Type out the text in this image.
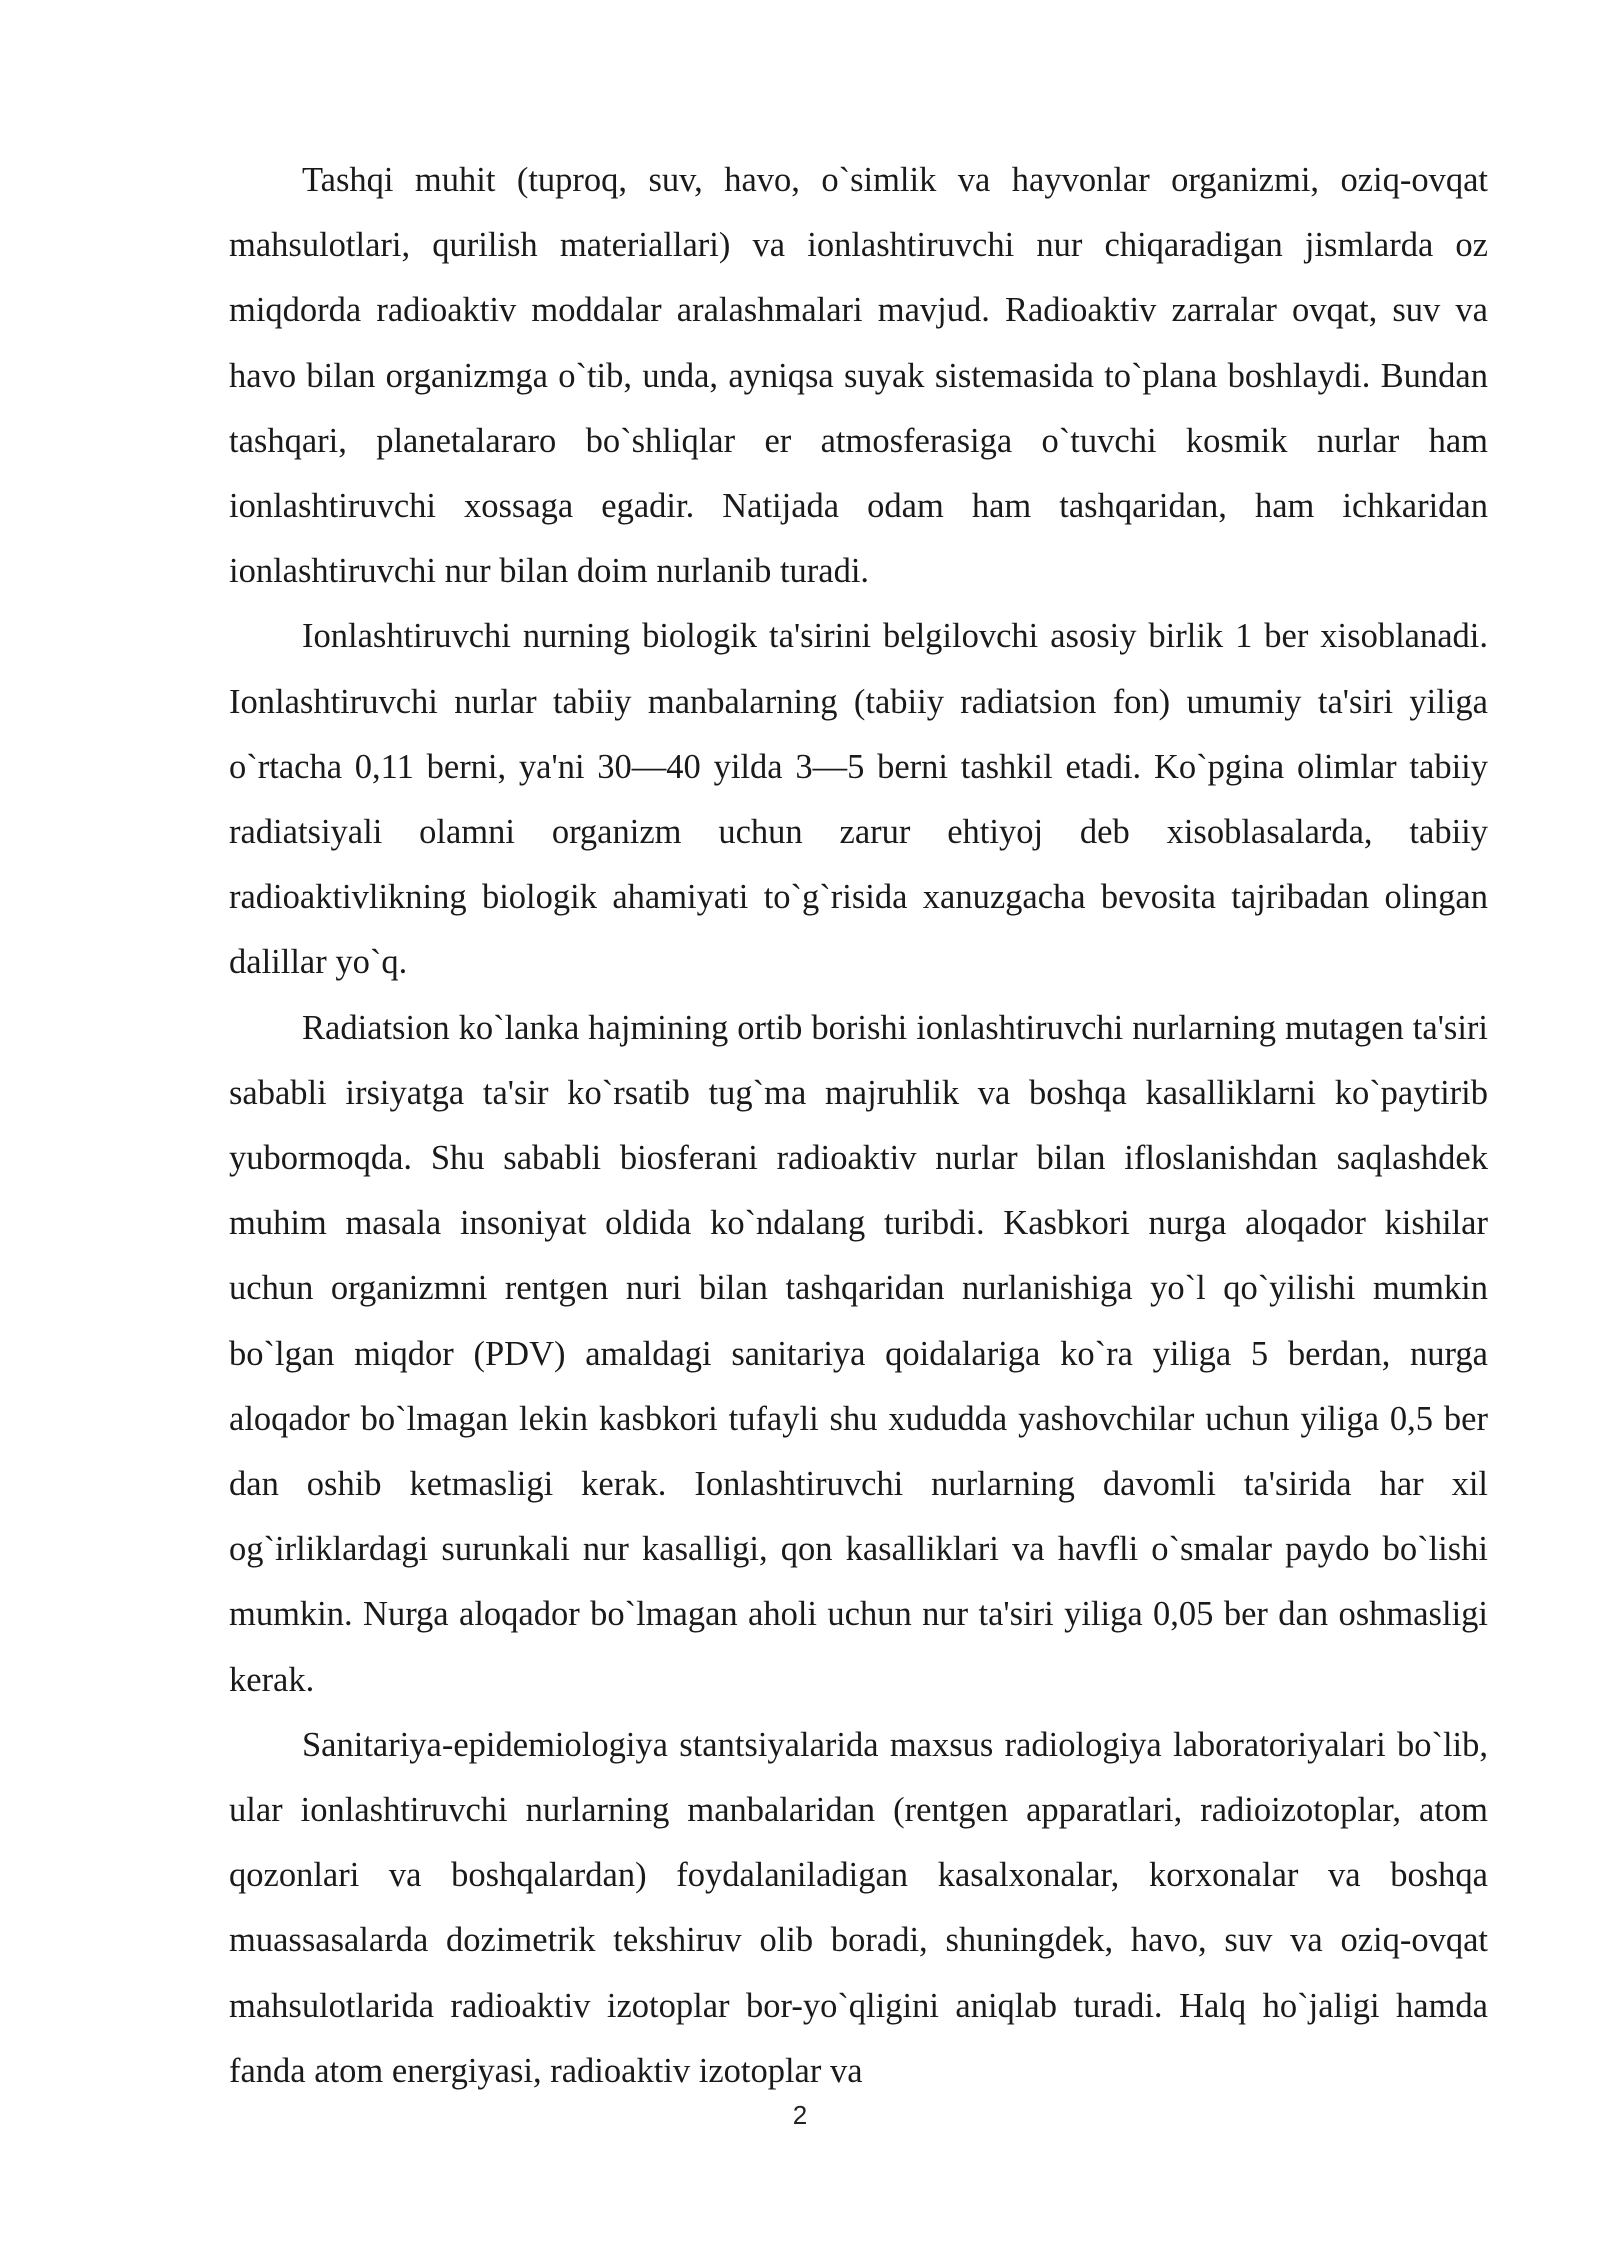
Tashqi muhit (tuproq, suv, havo, o`simlik va hayvonlar organizmi, oziq-ovqat mahsulotlari, qurilish materiallari) va ionlashtiruvchi nur chiqaradigan jismlarda oz miqdorda radioaktiv moddalar aralashmalari mavjud. Radioaktiv zarralar ovqat, suv va havo bilan organizmga o`tib, unda, ayniqsa suyak sistemasida to`plana boshlaydi. Bundan tashqari, planetalararo bo`shliqlar er atmosferasiga o`tuvchi kosmik nurlar ham ionlashtiruvchi xossaga egadir. Natijada odam ham tashqaridan, ham ichkaridan ionlashtiruvchi nur bilan doim nurlanib turadi.

Ionlashtiruvchi nurning biologik ta'sirini belgilovchi asosiy birlik 1 ber xisoblanadi. Ionlashtiruvchi nurlar tabiiy manbalarning (tabiiy radiatsion fon) umumiy ta'siri yiliga o`rtacha 0,11 berni, ya'ni 30—40 yilda 3—5 berni tashkil etadi. Ko`pgina olimlar tabiiy radiatsiyali olamni organizm uchun zarur ehtiyoj deb xisoblasalarda, tabiiy radioaktivlikning biologik ahamiyati to`g`risida xanuzgacha bevosita tajribadan olingan dalillar yo`q.

Radiatsion ko`lanka hajmining ortib borishi ionlashtiruvchi nurlarning mutagen ta'siri sababli irsiyatga ta'sir ko`rsatib tug`ma majruhlik va boshqa kasalliklarni ko`paytirib yubormoqda. Shu sababli biosferani radioaktiv nurlar bilan ifloslanishdan saqlashdek muhim masala insoniyat oldida ko`ndalang turibdi. Kasbkori nurga aloqador kishilar uchun organizmni rentgen nuri bilan tashqaridan nurlanishiga yo`l qo`yilishi mumkin bo`lgan miqdor (PDV) amaldagi sanitariya qoidalariga ko`ra yiliga 5 berdan, nurga aloqador bo`lmagan lekin kasbkori tufayli shu xududda yashovchilar uchun yiliga 0,5 ber dan oshib ketmasligi kerak. Ionlashtiruvchi nurlarning davomli ta'sirida har xil og`irliklardagi surunkali nur kasalligi, qon kasalliklari va havfli o`smalar paydo bo`lishi mumkin. Nurga aloqador bo`lmagan aholi uchun nur ta'siri yiliga 0,05 ber dan oshmasligi kerak.

Sanitariya-epidemiologiya stantsiyalarida maxsus radiologiya laboratoriyalari bo`lib, ular ionlashtiruvchi nurlarning manbalaridan (rentgen apparatlari, radioizotoplar, atom qozonlari va boshqalardan) foydalaniladigan kasalxonalar, korxonalar va boshqa muassasalarda dozimetrik tekshiruv olib boradi, shuningdek, havo, suv va oziq-ovqat mahsulotlarida radioaktiv izotoplar bor-yo`qligini aniqlab turadi. Halq ho`jaligi hamda fanda atom energiyasi, radioaktiv izotoplar va

2
